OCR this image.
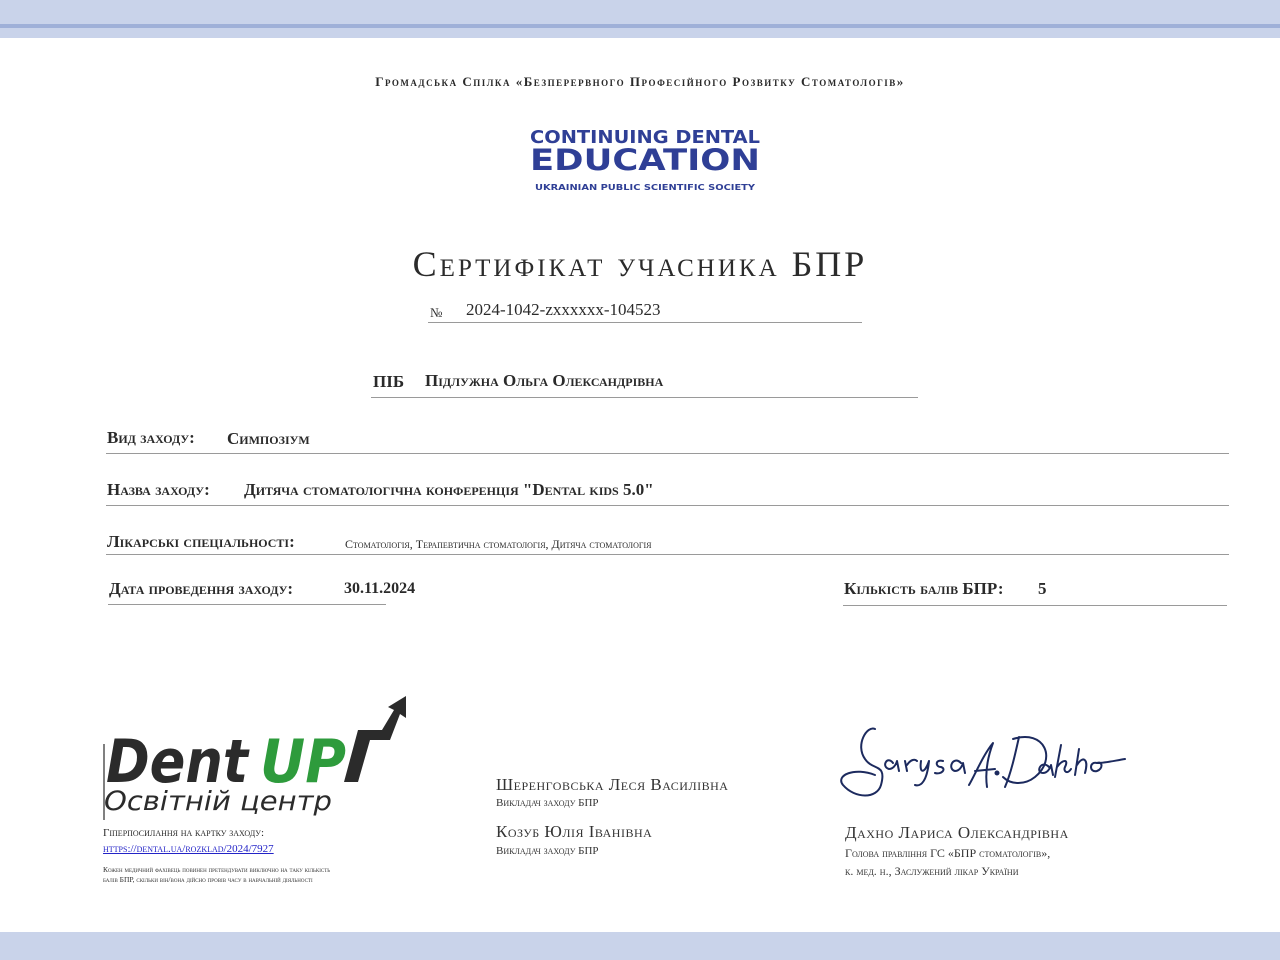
Громадська Спілка «Безперервного Професійного Розвитку Стоматологів»
CONTINUING DENTAL
EDUCATION
UKRAINIAN PUBLIC SCIENTIFIC SOCIETY
Сертифікат учасника БПР
№ 2024-1042-zxxxxxx-104523
ПІБ Підлужна Ольга Олександрівна
Вид заходу: Симпозіум
Назва заходу: Дитяча стоматологічна конференція "Dental kids 5.0"
Лікарські спеціальності:	Стоматологія, Терапевтична стоматологія, Дитяча стоматологія
Дата проведення заходу:	30.11.2024	Кількість балів БПР: 5
Dent UP
Освітній центр
Гіперпосилання на картку заходу:
https://dental.ua/rozklad/2024/7927
Кожен медичний фахівець повинен претендувати виключно на таку кількість балів БПР, скільки він/вона дійсно провів часу в навчальній діяльності
Шеренговська Леся Василівна
Викладач заходу БПР
Козуб Юлія Іванівна
Викладач заходу БПР
Дахно Лариса Олександрівна
Голова правління ГС «БПР стоматологів»,
к. мед. н., Заслужений лікар України
